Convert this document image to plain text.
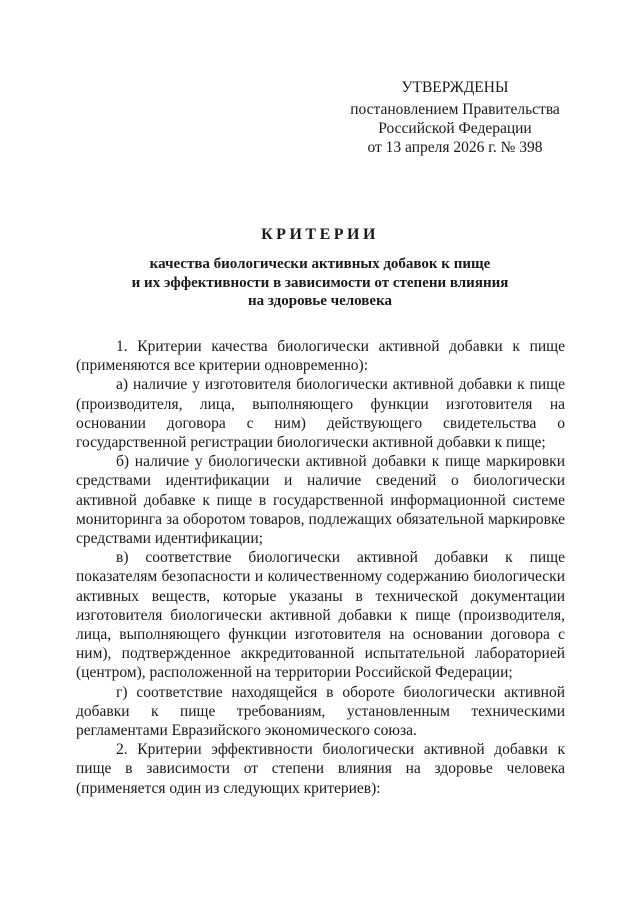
УТВЕРЖДЕНЫ
постановлением Правительства
Российской Федерации
от 13 апреля 2026 г. № 398
КРИТЕРИИ
качества биологически активных добавок к пище
и их эффективности в зависимости от степени влияния
на здоровье человека

1. Критерии качества биологически активной добавки к пище (применяются все критерии одновременно):

а) наличие у изготовителя биологически активной добавки к пище (производителя, лица, выполняющего функции изготовителя на основании договора с ним) действующего свидетельства о государственной регистрации биологически активной добавки к пище;

б) наличие у биологически активной добавки к пище маркировки средствами идентификации и наличие сведений о биологически активной добавке к пище в государственной информационной системе мониторинга за оборотом товаров, подлежащих обязательной маркировке средствами идентификации;

в) соответствие биологически активной добавки к пище показателям безопасности и количественному содержанию биологически активных веществ, которые указаны в технической документации изготовителя биологически активной добавки к пище (производителя, лица, выполняющего функции изготовителя на основании договора с ним), подтвержденное аккредитованной испытательной лабораторией (центром), расположенной на территории Российской Федерации;

г) соответствие находящейся в обороте биологически активной добавки к пище требованиям, установленным техническими регламентами Евразийского экономического союза.

2. Критерии эффективности биологически активной добавки к пище в зависимости от степени влияния на здоровье человека (применяется один из следующих критериев):
